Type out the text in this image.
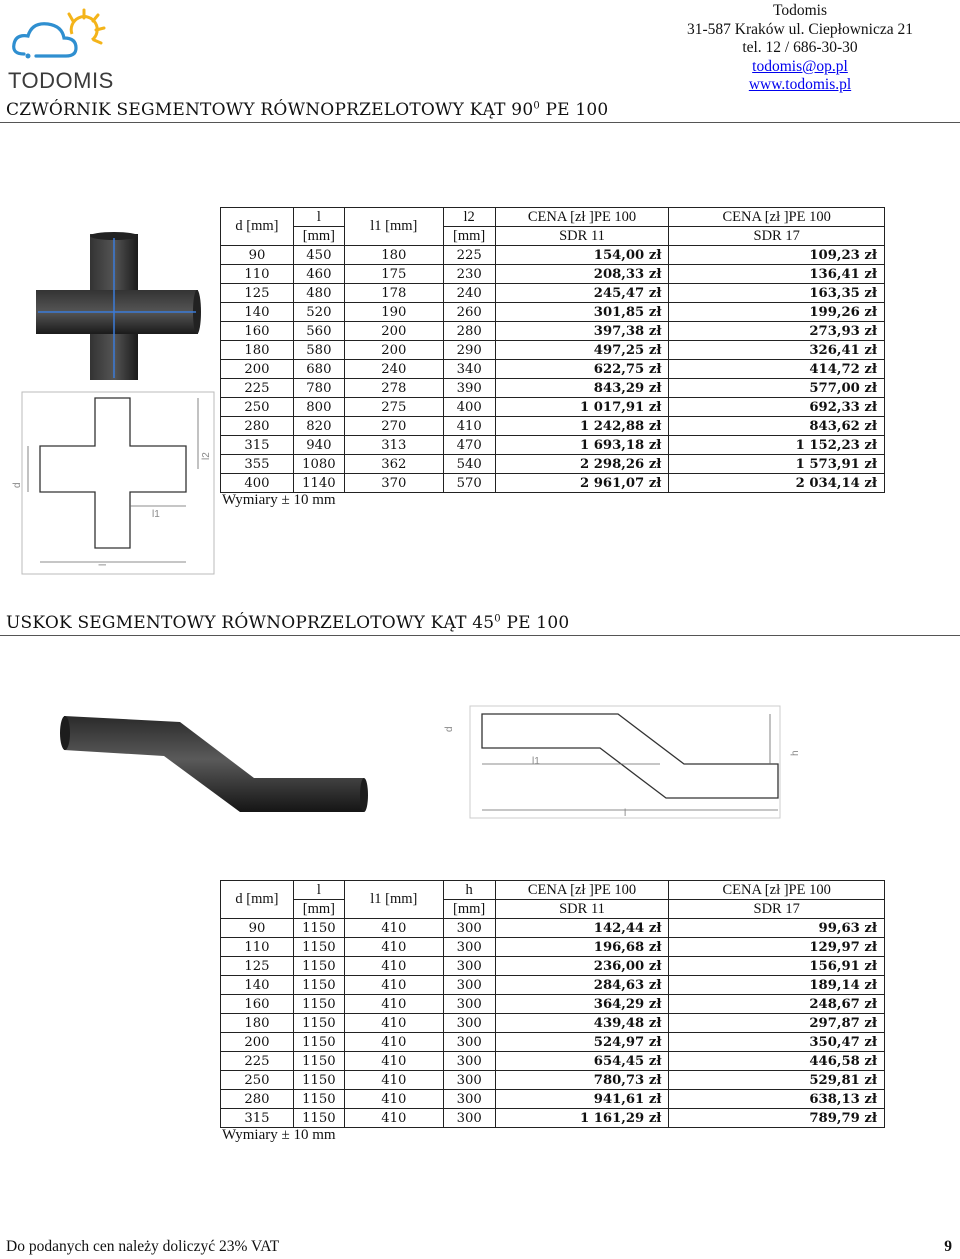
TODOMIS
Todomis
31-587 Kraków ul. Ciepłownicza 21
tel. 12 / 686-30-30
todomis@op.pl
www.todomis.pl
CZWÓRNIK SEGMENTOWY RÓWNOPRZELOTOWY KĄT $90^0$ PE 100
d
l2
l1
l
d [mm]	l	l1 [mm]	l2	CENA [zł ]PE 100	CENA [zł ]PE 100
	[mm]		[mm]	SDR 11	SDR 17
90	450	180	225	154,00 zł	109,23 zł
110	460	175	230	208,33 zł	136,41 zł
125	480	178	240	245,47 zł	163,35 zł
140	520	190	260	301,85 zł	199,26 zł
160	560	200	280	397,38 zł	273,93 zł
180	580	200	290	497,25 zł	326,41 zł
200	680	240	340	622,75 zł	414,72 zł
225	780	278	390	843,29 zł	577,00 zł
250	800	275	400	1 017,91 zł	692,33 zł
280	820	270	410	1 242,88 zł	843,62 zł
315	940	313	470	1 693,18 zł	1 152,23 zł
355	1080	362	540	2 298,26 zł	1 573,91 zł
400	1140	370	570	2 961,07 zł	2 034,14 zł
Wymiary ± 10 mm
USKOK SEGMENTOWY RÓWNOPRZELOTOWY KĄT $45^0$ PE 100
d
l1
h
l
d [mm]	l	l1 [mm]	h	CENA [zł ]PE 100	CENA [zł ]PE 100
	[mm]		[mm]	SDR 11	SDR 17
90	1150	410	300	142,44 zł	99,63 zł
110	1150	410	300	196,68 zł	129,97 zł
125	1150	410	300	236,00 zł	156,91 zł
140	1150	410	300	284,63 zł	189,14 zł
160	1150	410	300	364,29 zł	248,67 zł
180	1150	410	300	439,48 zł	297,87 zł
200	1150	410	300	524,97 zł	350,47 zł
225	1150	410	300	654,45 zł	446,58 zł
250	1150	410	300	780,73 zł	529,81 zł
280	1150	410	300	941,61 zł	638,13 zł
315	1150	410	300	1 161,29 zł	789,79 zł
Wymiary ± 10 mm
Do podanych cen należy doliczyć 23% VAT	9
